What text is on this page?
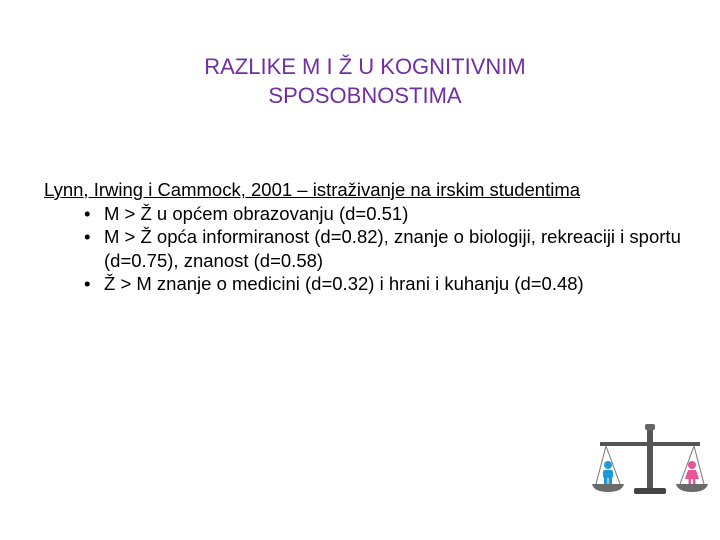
RAZLIKE M I Ž U KOGNITIVNIM
SPOSOBNOSTIMA
Lynn, Irwing i Cammock, 2001 – istraživanje na irskim studentima
• M > Ž u općem obrazovanju (d=0.51)
• M > Ž opća informiranost (d=0.82), znanje o biologiji, rekreaciji i sportu (d=0.75), znanost (d=0.58)
• Ž > M znanje o medicini (d=0.32) i hrani i kuhanju (d=0.48)
